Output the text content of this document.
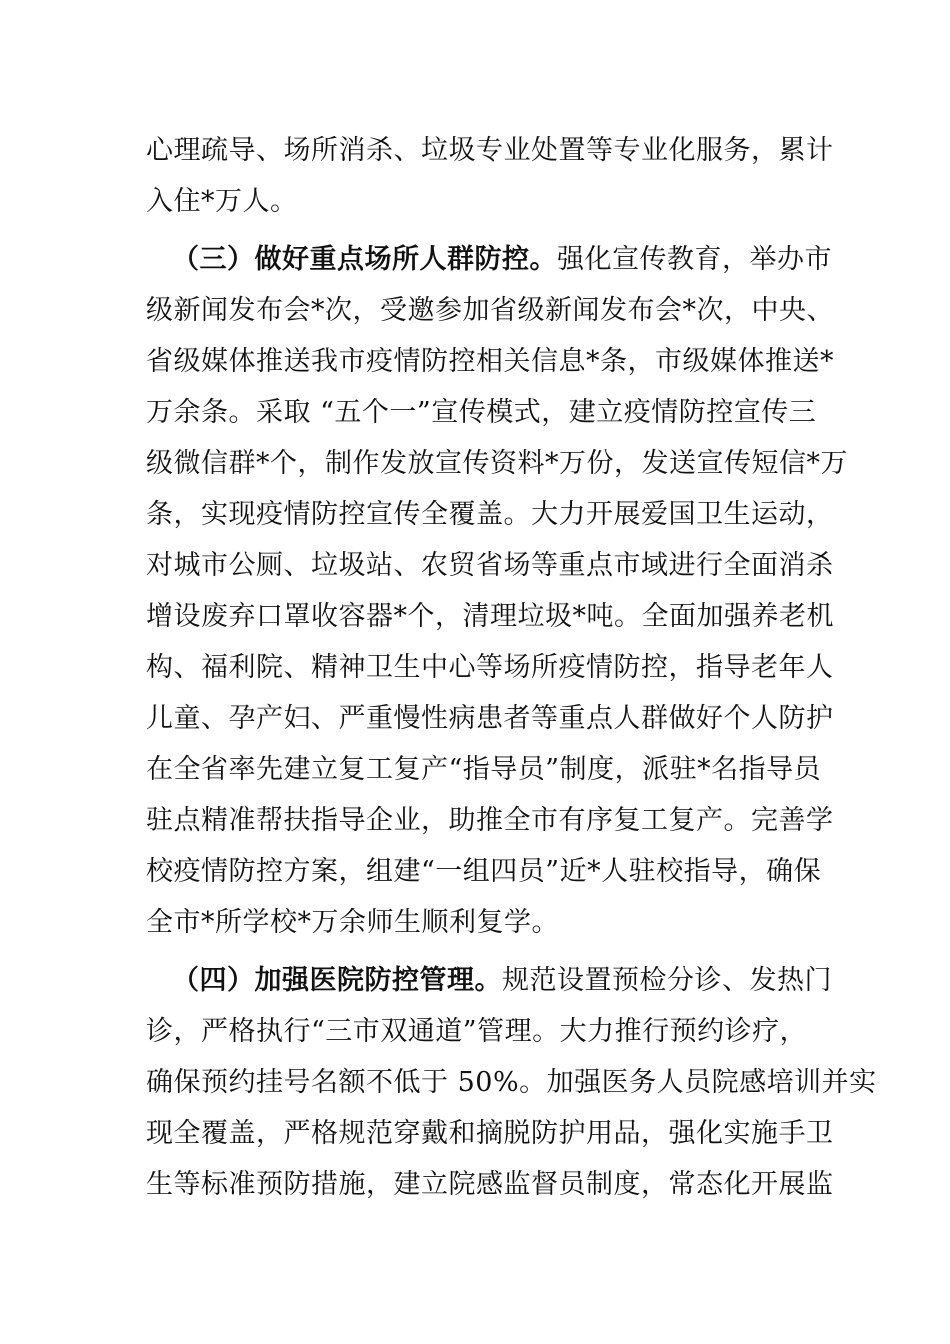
心理疏导、场所消杀、垃圾专业处置等专业化服务，累计
入住*万人。
（三）做好重点场所人群防控。强化宣传教育，举办市
级新闻发布会*次，受邀参加省级新闻发布会*次，中央、
省级媒体推送我市疫情防控相关信息*条，市级媒体推送*
万余条。采取 “五个一”宣传模式，建立疫情防控宣传三
级微信群*个，制作发放宣传资料*万份，发送宣传短信*万
条，实现疫情防控宣传全覆盖。大力开展爱国卫生运动，
对城市公厕、垃圾站、农贸省场等重点市域进行全面消杀
增设废弃口罩收容器*个，清理垃圾*吨。全面加强养老机
构、福利院、精神卫生中心等场所疫情防控，指导老年人
儿童、孕产妇、严重慢性病患者等重点人群做好个人防护
在全省率先建立复工复产“指导员”制度，派驻*名指导员
驻点精准帮扶指导企业，助推全市有序复工复产。完善学
校疫情防控方案，组建“一组四员”近*人驻校指导，确保
全市*所学校*万余师生顺利复学。
（四）加强医院防控管理。规范设置预检分诊、发热门
诊，严格执行“三市双通道”管理。大力推行预约诊疗，
确保预约挂号名额不低于 50%。加强医务人员院感培训并实
现全覆盖，严格规范穿戴和摘脱防护用品，强化实施手卫
生等标准预防措施，建立院感监督员制度，常态化开展监
